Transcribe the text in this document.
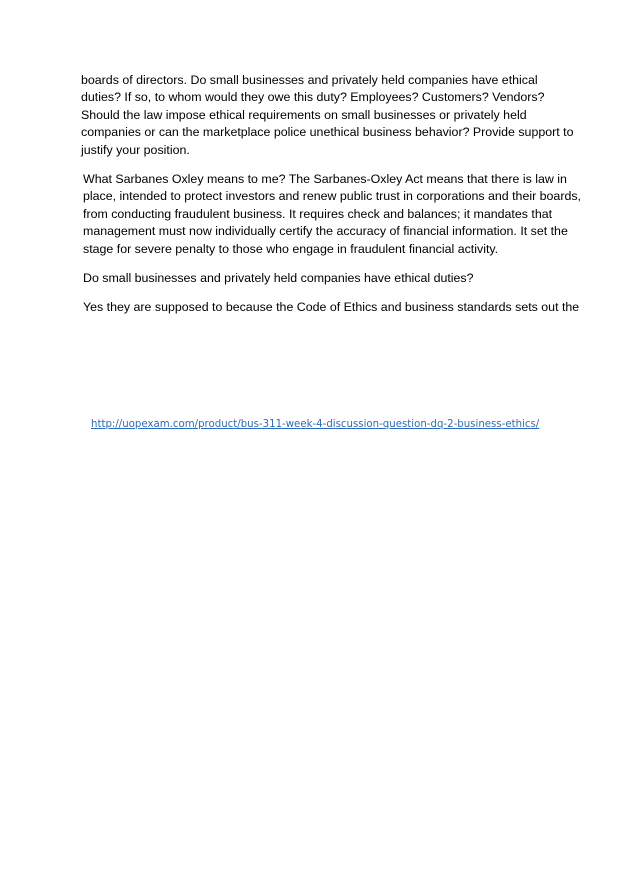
boards of directors. Do small businesses and privately held companies have ethical duties? If so, to whom would they owe this duty? Employees? Customers? Vendors? Should the law impose ethical requirements on small businesses or privately held companies or can the marketplace police unethical business behavior? Provide support to justify your position.

What Sarbanes Oxley means to me? The Sarbanes-Oxley Act means that there is law in place, intended to protect investors and renew public trust in corporations and their boards, from conducting fraudulent business. It requires check and balances; it mandates that management must now individually certify the accuracy of financial information. It set the stage for severe penalty to those who engage in fraudulent financial activity.

Do small businesses and privately held companies have ethical duties?

Yes they are supposed to because the Code of Ethics and business standards sets out the

http://uopexam.com/product/bus-311-week-4-discussion-question-dq-2-business-ethics/
